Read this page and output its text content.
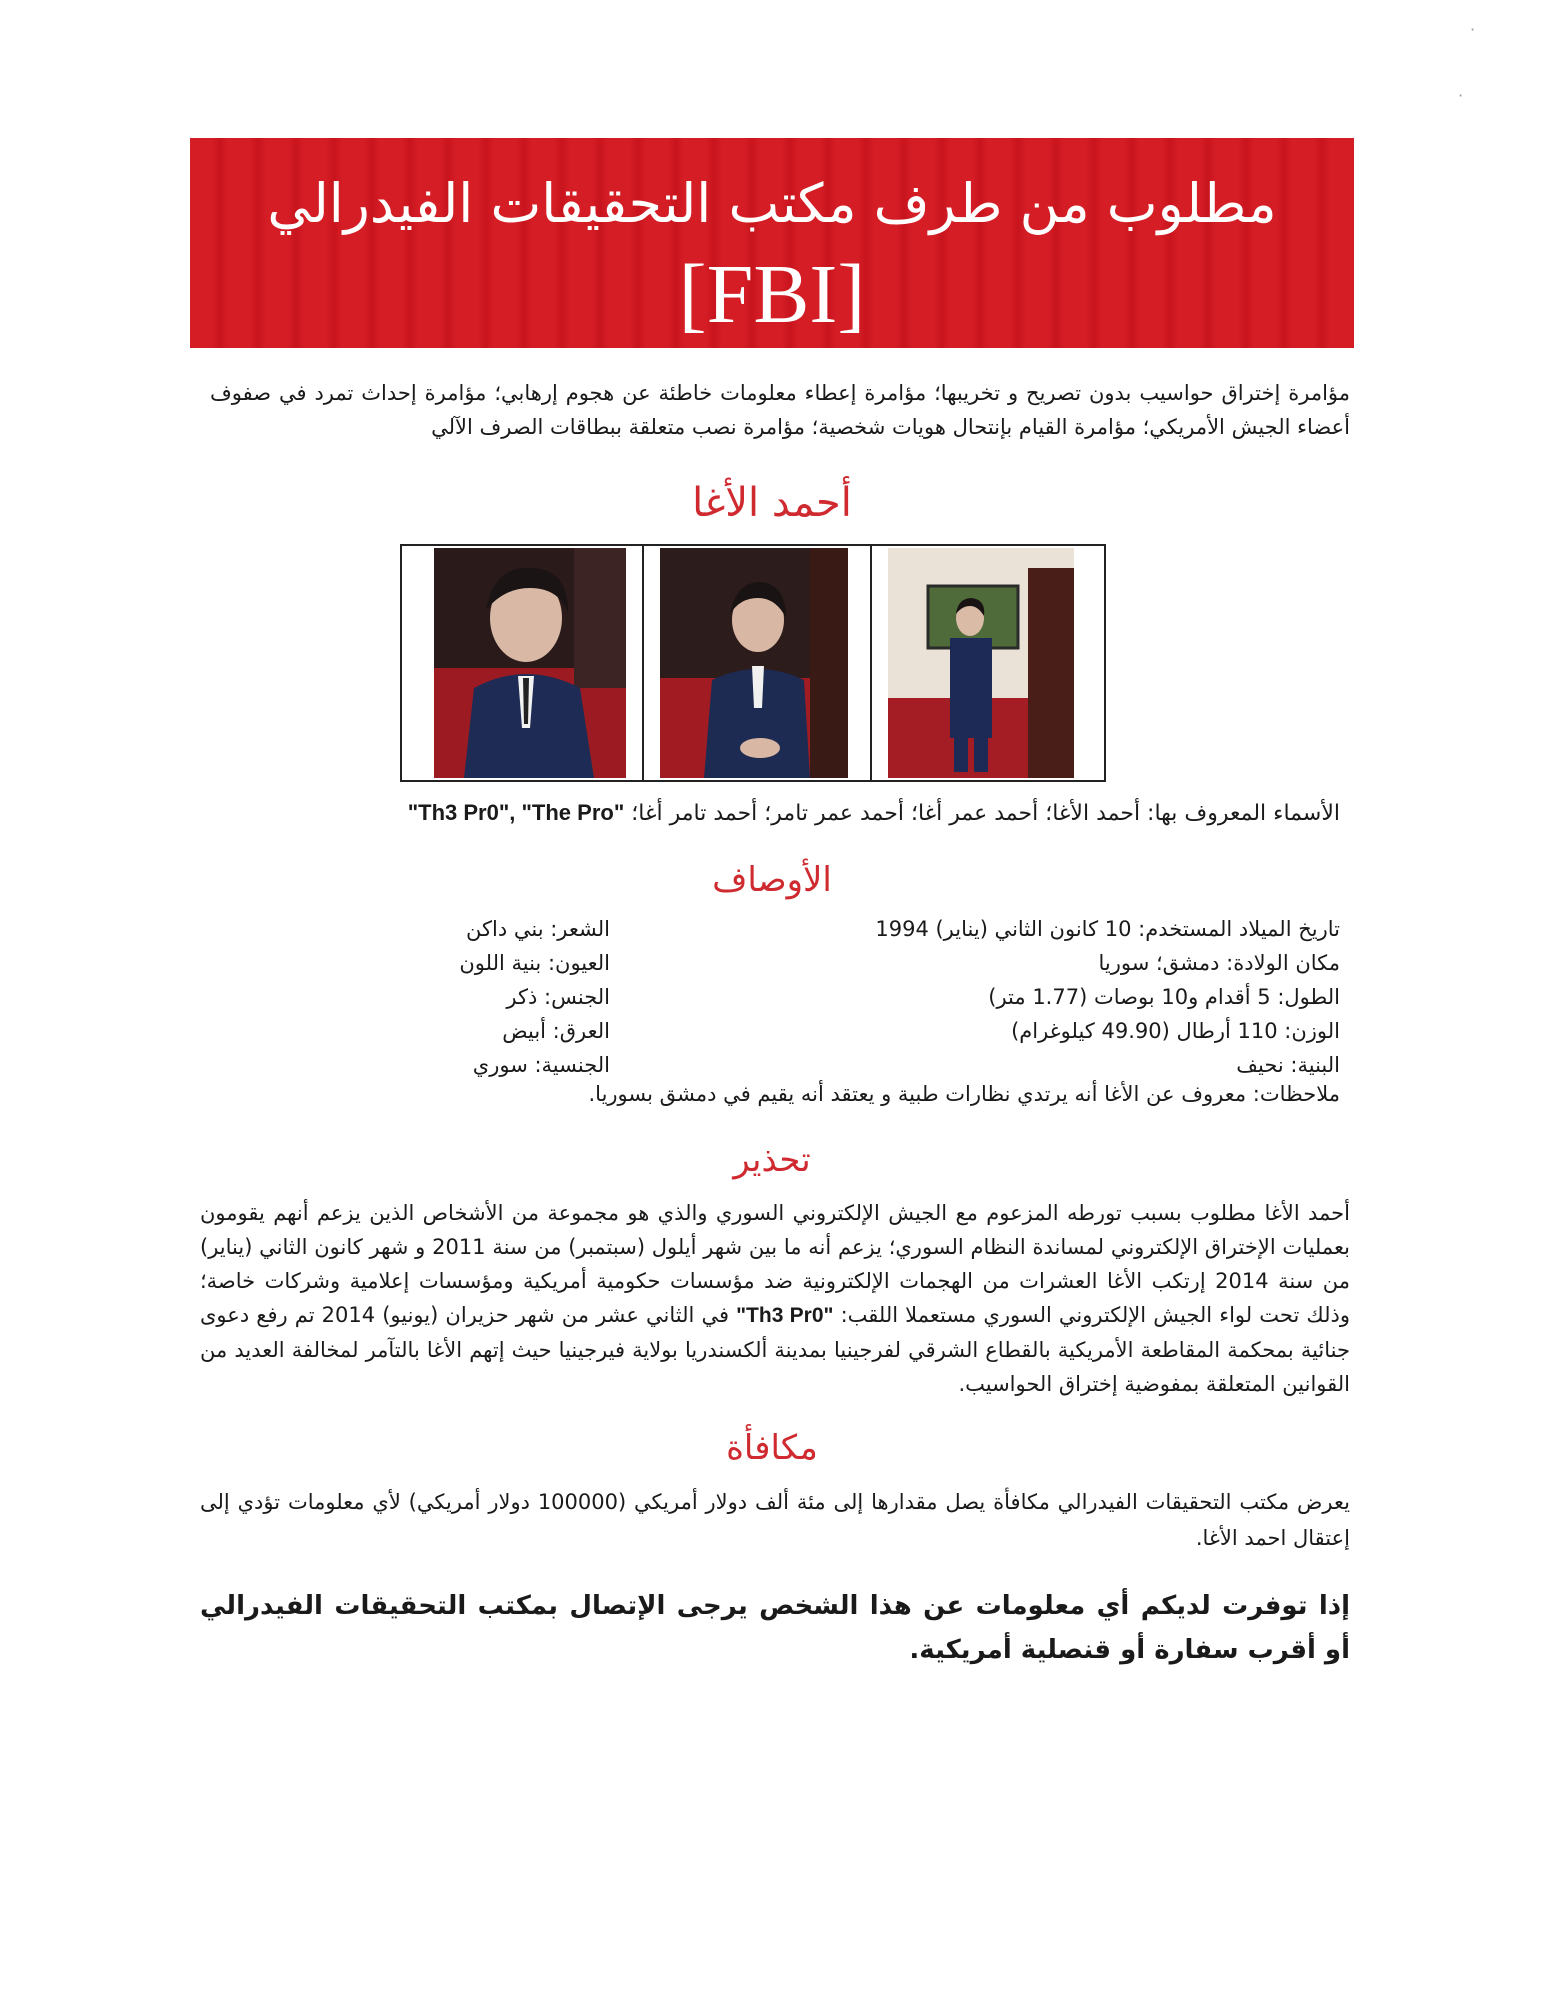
مطلوب من طرف مكتب التحقيقات الفيدرالي
[FBI]
مؤامرة إختراق حواسيب بدون تصريح و تخريبها؛ مؤامرة إعطاء معلومات خاطئة عن هجوم إرهابي؛ مؤامرة إحداث تمرد في صفوف أعضاء الجيش الأمريكي؛ مؤامرة القيام بإنتحال هويات شخصية؛ مؤامرة نصب متعلقة ببطاقات الصرف الآلي
أحمد الأغا
الأسماء المعروف بها: أحمد الأغا؛ أحمد عمر أغا؛ أحمد عمر تامر؛ أحمد تامر أغا؛ "Th3 Pr0", "The Pro"
الأوصاف
تاريخ الميلاد المستخدم: 10 كانون الثاني (يناير) 1994
مكان الولادة: دمشق؛ سوريا
الطول: 5 أقدام و10 بوصات (1.77 متر)
الوزن: 110 أرطال (49.90 كيلوغرام)
البنية: نحيف
الشعر: بني داكن
العيون: بنية اللون
الجنس: ذكر
العرق: أبيض
الجنسية: سوري
ملاحظات: معروف عن الأغا أنه يرتدي نظارات طبية و يعتقد أنه يقيم في دمشق بسوريا.
تحذير
أحمد الأغا مطلوب بسبب تورطه المزعوم مع الجيش الإلكتروني السوري والذي هو مجموعة من الأشخاص الذين يزعم أنهم يقومون بعمليات الإختراق الإلكتروني لمساندة النظام السوري؛ يزعم أنه ما بين شهر أيلول (سبتمبر) من سنة 2011 و شهر كانون الثاني (يناير) من سنة 2014 إرتكب الأغا العشرات من الهجمات الإلكترونية ضد مؤسسات حكومية أمريكية ومؤسسات إعلامية وشركات خاصة؛ وذلك تحت لواء الجيش الإلكتروني السوري مستعملا اللقب: "Th3 Pr0" في الثاني عشر من شهر حزيران (يونيو) 2014 تم رفع دعوى جنائية بمحكمة المقاطعة الأمريكية بالقطاع الشرقي لفرجينيا بمدينة ألكسندريا بولاية فيرجينيا حيث إتهم الأغا بالتآمر لمخالفة العديد من القوانين المتعلقة بمفوضية إختراق الحواسيب.
مكافأة
يعرض مكتب التحقيقات الفيدرالي مكافأة يصل مقدارها إلى مئة ألف دولار أمريكي (100000 دولار أمريكي) لأي معلومات تؤدي إلى إعتقال احمد الأغا.
إذا توفرت لديكم أي معلومات عن هذا الشخص يرجى الإتصال بمكتب التحقيقات الفيدرالي أو أقرب سفارة أو قنصلية أمريكية.
·
·
